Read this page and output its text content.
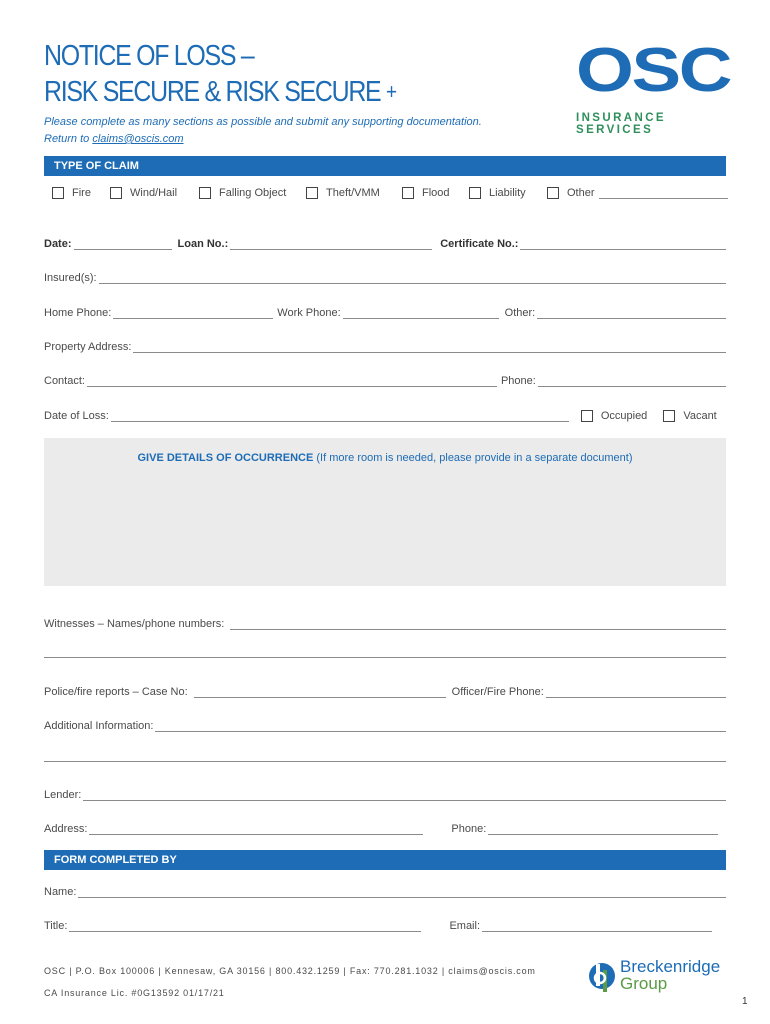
NOTICE OF LOSS –
RISK SECURE & RISK SECURE +
Please complete as many sections as possible and submit any supporting documentation.
Return to claims@oscis.com
OSC
INSURANCE SERVICES
TYPE OF CLAIM
Fire	Wind/Hail	Falling Object	Theft/VMM	Flood	Liability	Other
Date:	Loan No.:	Certificate No.:
Insured(s):
Home Phone:	Work Phone:	Other:
Property Address:
Contact:	Phone:
Date of Loss:	Occupied	Vacant
GIVE DETAILS OF OCCURRENCE (If more room is needed, please provide in a separate document)
Witnesses – Names/phone numbers:
Police/fire reports – Case No:	Officer/Fire Phone:
Additional Information:
Lender:
Address:	Phone:
FORM COMPLETED BY
Name:
Title:	Email:
OSC | P.O. Box 100006 | Kennesaw, GA 30156 | 800.432.1259 | Fax: 770.281.1032 | claims@oscis.com
CA Insurance Lic. #0G13592 01/17/21
Breckenridge
Group
1
